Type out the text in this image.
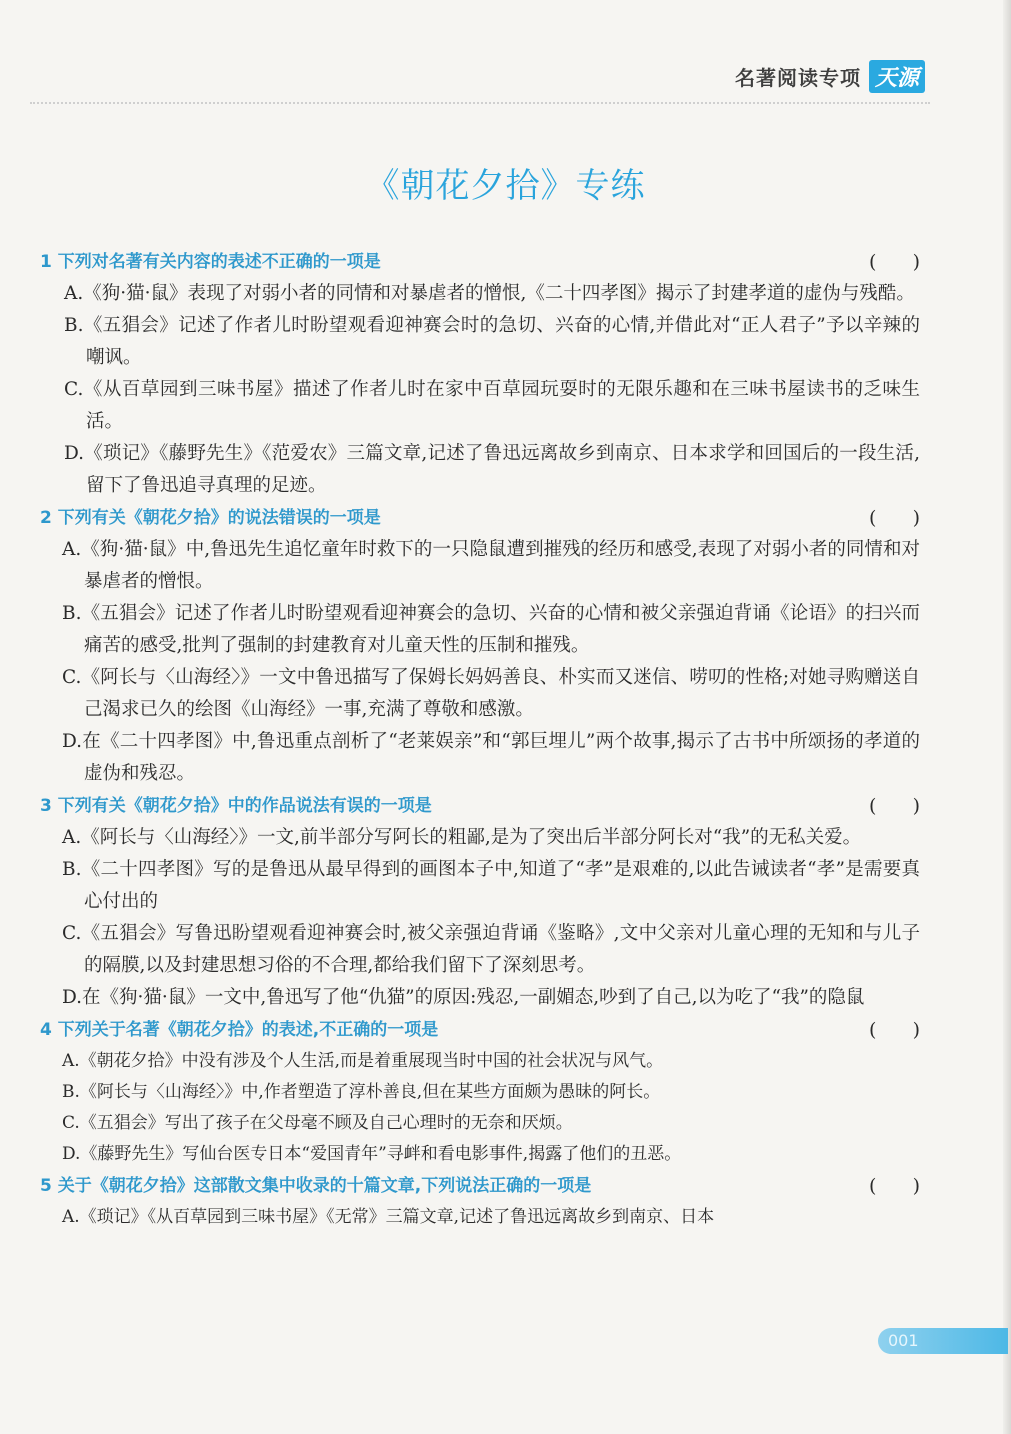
名著阅读专项 天源
《朝花夕拾》专练
1 下列对名著有关内容的表述不正确的一项是	(      )
A.《狗·猫·鼠》表现了对弱小者的同情和对暴虐者的憎恨,《二十四孝图》揭示了封建孝道的虚伪与残酷。
B.《五猖会》记述了作者儿时盼望观看迎神赛会时的急切、兴奋的心情,并借此对“正人君子”予以辛辣的嘲讽。
C.《从百草园到三味书屋》描述了作者儿时在家中百草园玩耍时的无限乐趣和在三味书屋读书的乏味生活。
D.《琐记》《藤野先生》《范爱农》三篇文章,记述了鲁迅远离故乡到南京、日本求学和回国后的一段生活,留下了鲁迅追寻真理的足迹。
2 下列有关《朝花夕拾》的说法错误的一项是	(      )
A.《狗·猫·鼠》中,鲁迅先生追忆童年时救下的一只隐鼠遭到摧残的经历和感受,表现了对弱小者的同情和对暴虐者的憎恨。
B.《五猖会》记述了作者儿时盼望观看迎神赛会的急切、兴奋的心情和被父亲强迫背诵《论语》的扫兴而痛苦的感受,批判了强制的封建教育对儿童天性的压制和摧残。
C.《阿长与〈山海经〉》一文中鲁迅描写了保姆长妈妈善良、朴实而又迷信、唠叨的性格;对她寻购赠送自己渴求已久的绘图《山海经》一事,充满了尊敬和感激。
D.在《二十四孝图》中,鲁迅重点剖析了“老莱娱亲”和“郭巨埋儿”两个故事,揭示了古书中所颂扬的孝道的虚伪和残忍。
3 下列有关《朝花夕拾》中的作品说法有误的一项是	(      )
A.《阿长与〈山海经〉》一文,前半部分写阿长的粗鄙,是为了突出后半部分阿长对“我”的无私关爱。
B.《二十四孝图》写的是鲁迅从最早得到的画图本子中,知道了“孝”是艰难的,以此告诫读者“孝”是需要真心付出的
C.《五猖会》写鲁迅盼望观看迎神赛会时,被父亲强迫背诵《鉴略》,文中父亲对儿童心理的无知和与儿子的隔膜,以及封建思想习俗的不合理,都给我们留下了深刻思考。
D.在《狗·猫·鼠》一文中,鲁迅写了他“仇猫”的原因:残忍,一副媚态,吵到了自己,以为吃了“我”的隐鼠
4 下列关于名著《朝花夕拾》的表述,不正确的一项是	(      )
A.《朝花夕拾》中没有涉及个人生活,而是着重展现当时中国的社会状况与风气。
B.《阿长与〈山海经〉》中,作者塑造了淳朴善良,但在某些方面颇为愚昧的阿长。
C.《五猖会》写出了孩子在父母毫不顾及自己心理时的无奈和厌烦。
D.《藤野先生》写仙台医专日本“爱国青年”寻衅和看电影事件,揭露了他们的丑恶。
5 关于《朝花夕拾》这部散文集中收录的十篇文章,下列说法正确的一项是	(      )
A.《琐记》《从百草园到三味书屋》《无常》三篇文章,记述了鲁迅远离故乡到南京、日本
001
